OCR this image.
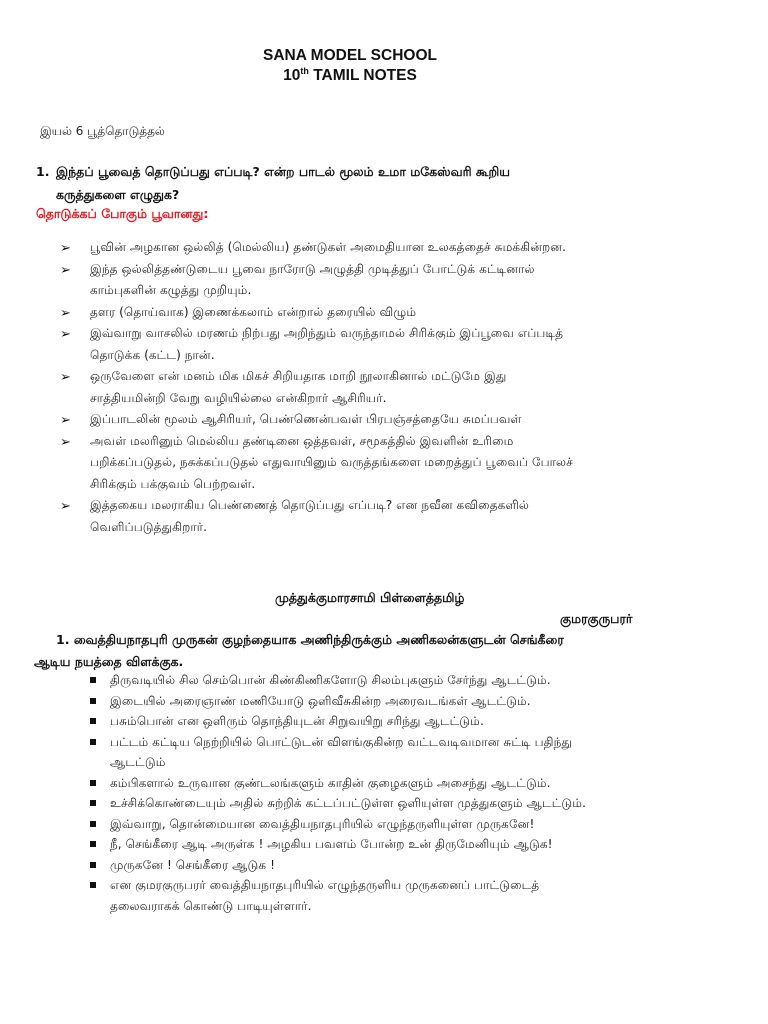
SANA MODEL SCHOOL
10th TAMIL NOTES
இயல் 6 பூத்தொடுத்தல்
1. இந்தப் பூவைத் தொடுப்பது எப்படி? என்ற பாடல் மூலம் உமா மகேஸ்வரி கூறிய
கருத்துகளை எழுதுக?
தொடுக்கப் போகும் பூவானது:
➢ பூவின் அழகான ஒல்லித் (மெல்லிய) தண்டுகள் அமைதியான உலகத்தைச் சுமக்கின்றன.
➢ இந்த ஒல்லித்தண்டுடைய பூவை நாரோடு அழுத்தி முடித்துப் போட்டுக் கட்டினால்
காம்புகளின் கழுத்து முறியும்.
➢ தளர (தொய்வாக) இணைக்கலாம் என்றால் தரையில் விழும்
➢ இவ்வாறு வாசலில் மரணம் நிற்பது அறிந்தும் வருந்தாமல் சிரிக்கும் இப்பூவை எப்படித்
தொடுக்க (கட்ட) நான்.
➢ ஒருவேளை என் மனம் மிக மிகச் சிறியதாக மாறி நூலாகினால் மட்டுமே இது
சாத்தியமின்றி வேறு வழியில்லை என்கிறார் ஆசிரியர்.
➢ இப்பாடலின் மூலம் ஆசிரியர், பெண்ணென்பவள் பிரபஞ்சத்தையே சுமப்பவள்
➢ அவள் மலரினும் மெல்லிய தண்டினை ஒத்தவள், சமூகத்தில் இவளின் உரிமை
பறிக்கப்படுதல், நசுக்கப்படுதல் எதுவாயினும் வருத்தங்களை மறைத்துப் பூவைப் போலச்
சிரிக்கும் பக்குவம் பெற்றவள்.
➢ இத்தகைய மலராகிய பெண்ணைத் தொடுப்பது எப்படி? என நவீன கவிதைகளில்
வெளிப்படுத்துகிறார்.
முத்துக்குமாரசாமி பிள்ளைத்தமிழ்
குமரகுருபரர்
1. வைத்தியநாதபுரி முருகன் குழந்தையாக அணிந்திருக்கும் அணிகலன்களுடன் செங்கீரை
ஆடிய நயத்தை விளக்குக.
திருவடியில் சில செம்பொன் கிண்கிணிகளோடு சிலம்புகளும் சேர்ந்து ஆடட்டும்.
இடையில் அரைஞாண் மணியோடு ஒளிவீசுகின்ற அரைவடங்கள் ஆடட்டும்.
பசும்பொன் என ஒளிரும் தொந்தியுடன் சிறுவயிறு சரிந்து ஆடட்டும்.
பட்டம் கட்டிய நெற்றியில் பொட்டுடன் விளங்குகின்ற வட்டவடிவமான சுட்டி பதிந்து
ஆடட்டும்
கம்பிகளால் உருவான குண்டலங்களும் காதின் குழைகளும் அசைந்து ஆடட்டும்.
உச்சிக்கொண்டையும் அதில் சுற்றிக் கட்டப்பட்டுள்ள ஒளியுள்ள முத்துகளும் ஆடட்டும்.
இவ்வாறு, தொன்மையான வைத்தியநாதபுரியில் எழுந்தருளியுள்ள முருகனே!
நீ, செங்கீரை ஆடி அருள்க ! அழகிய பவளம் போன்ற உன் திருமேனியும் ஆடுக!
முருகனே ! செங்கீரை ஆடுக !
என குமரகுருபரர் வைத்தியநாதபுரியில் எழுந்தருளிய முருகனைப் பாட்டுடைத்
தலைவராகக் கொண்டு பாடியுள்ளார்.
